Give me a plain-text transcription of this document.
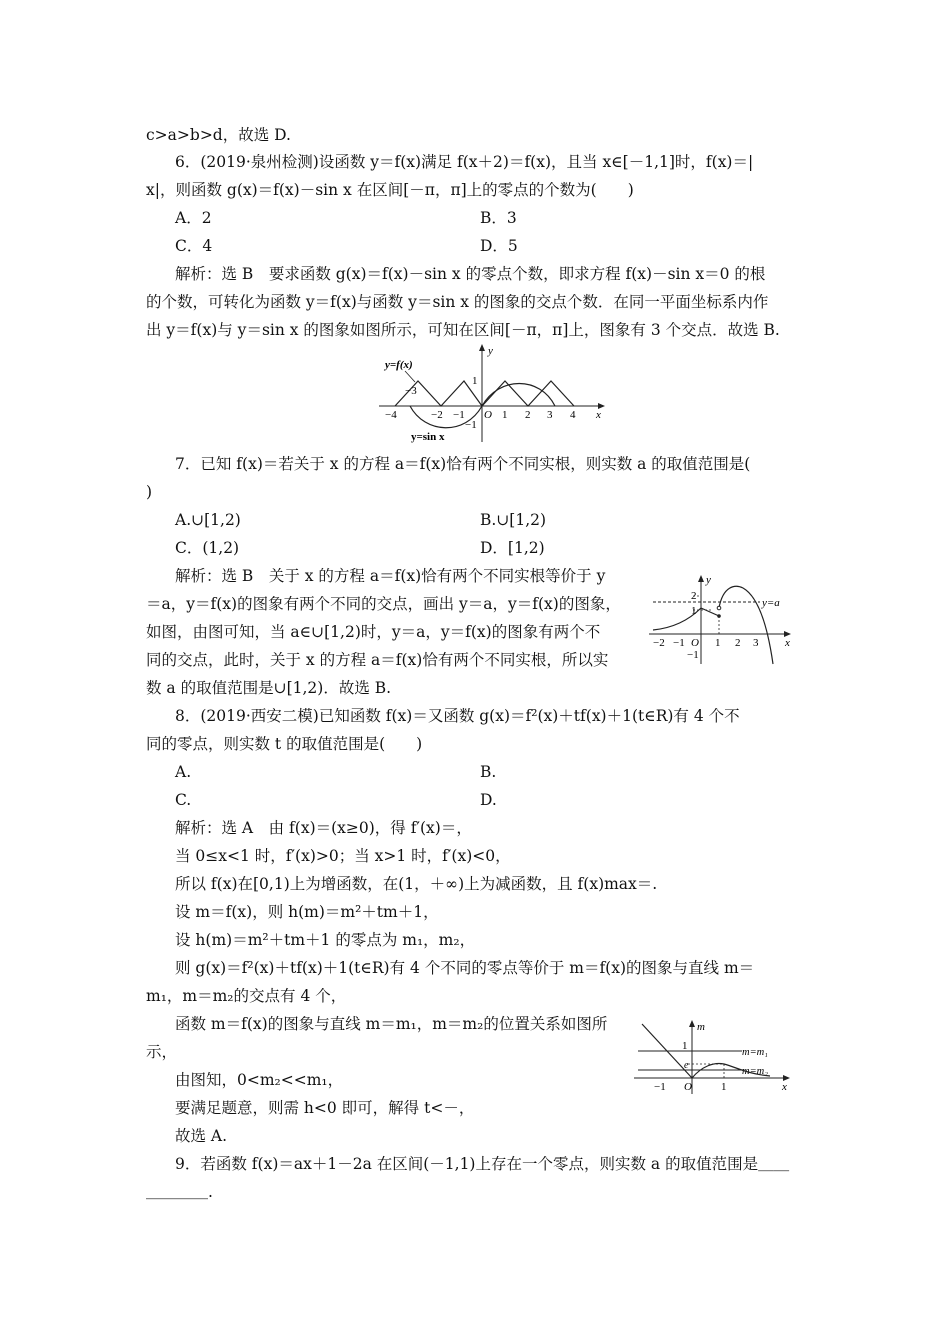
c>a>b>d，故选 D.
6．(2019·泉州检测)设函数 y＝f(x)满足 f(x＋2)＝f(x)，且当 x∈[－1,1]时，f(x)＝|
x|，则函数 g(x)＝f(x)－sin x 在区间[－π，π]上的零点的个数为(　　)
A．2	B．3
C．4	D．5
解析：选 B　要求函数 g(x)＝f(x)－sin x 的零点个数，即求方程 f(x)－sin x＝0 的根
的个数，可转化为函数 y＝f(x)与函数 y＝sin x 的图象的交点个数．在同一平面坐标系内作
出 y＝f(x)与 y＝sin x 的图象如图所示，可知在区间[－π，π]上，图象有 3 个交点．故选 B.
y
x
y=f(x)
y=sin x
−4
−3
−2 −1 O 1 2 3 4
1
−1
7．已知 f(x)＝若关于 x 的方程 a＝f(x)恰有两个不同实根，则实数 a 的取值范围是(
)
A.∪[1,2)	B.∪[1,2)
C．(1,2)	D．[1,2)
解析：选 B　关于 x 的方程 a＝f(x)恰有两个不同实根等价于 y
＝a，y＝f(x)的图象有两个不同的交点，画出 y＝a，y＝f(x)的图象，
如图，由图可知，当 a∈∪[1,2)时，y＝a，y＝f(x)的图象有两个不
同的交点，此时，关于 x 的方程 a＝f(x)恰有两个不同实根，所以实
数 a 的取值范围是∪[1,2)．故选 B.
y
x
y=a
−2 −1 O 1 2 3
2
1
−1
8．(2019·西安二模)已知函数 f(x)＝又函数 g(x)＝f²(x)＋tf(x)＋1(t∈R)有 4 个不
同的零点，则实数 t 的取值范围是(　　)
A.	B.
C.	D.
解析：选 A　由 f(x)＝(x≥0)，得 f′(x)＝，
当 0≤x<1 时，f′(x)>0；当 x>1 时，f′(x)<0，
所以 f(x)在[0,1)上为增函数，在(1，＋∞)上为减函数，且 f(x)max＝.
设 m＝f(x)，则 h(m)＝m²＋tm＋1，
设 h(m)＝m²＋tm＋1 的零点为 m₁，m₂，
则 g(x)＝f²(x)＋tf(x)＋1(t∈R)有 4 个不同的零点等价于 m＝f(x)的图象与直线 m＝
m₁，m＝m₂的交点有 4 个，
函数 m＝f(x)的图象与直线 m＝m₁，m＝m₂的位置关系如图所
示，
由图知，0<m₂<<m₁，
要满足题意，则需 h<0 即可，解得 t<－，
故选 A.
m
x
m=m₁
m=m₂
1
e
−1 O	1
9．若函数 f(x)＝ax＋1－2a 在区间(－1,1)上存在一个零点，则实数 a 的取值范围是＿＿
＿＿＿＿.
